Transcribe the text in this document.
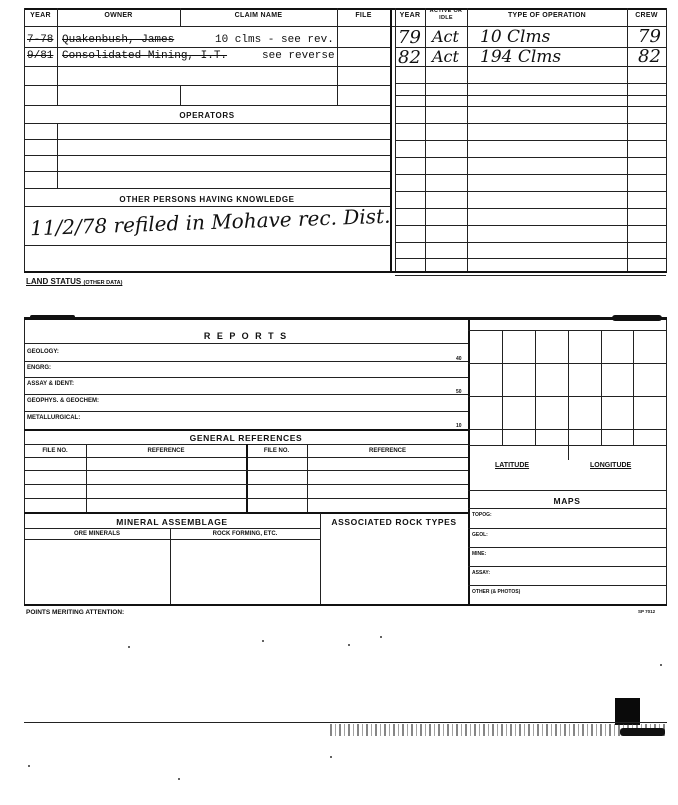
YEAR	OWNER	CLAIM NAME	FILE	YEAR
ACTIVE OR IDLE	TYPE OF OPERATION	CREW
7-78 Quakenbush, James	10 clms - see rev.
9/81 Consolidated Mining, I.T.	see reverse
OPERATORS
OTHER PERSONS HAVING KNOWLEDGE
11/2/78 refiled in Mohave rec. Dist.
79 Act 10 Clms	79
82 Act 194 Clms	82
LAND STATUS (OTHER DATA)
R E P O R T S
GEOLOGY:
40
ENGRG:
ASSAY & IDENT:
50
GEOPHYS. & GEOCHEM:
METALLURGICAL:
10
GENERAL REFERENCES
FILE NO.	REFERENCE	FILE NO.	REFERENCE
MINERAL ASSEMBLAGE
ORE MINERALS	ROCK FORMING, ETC.
ASSOCIATED ROCK TYPES
LATITUDE	LONGITUDE
MAPS
TOPOG:
GEOL:
MINE:
ASSAY:
OTHER (& PHOTOS)
POINTS MERITING ATTENTION:	SP 7012
